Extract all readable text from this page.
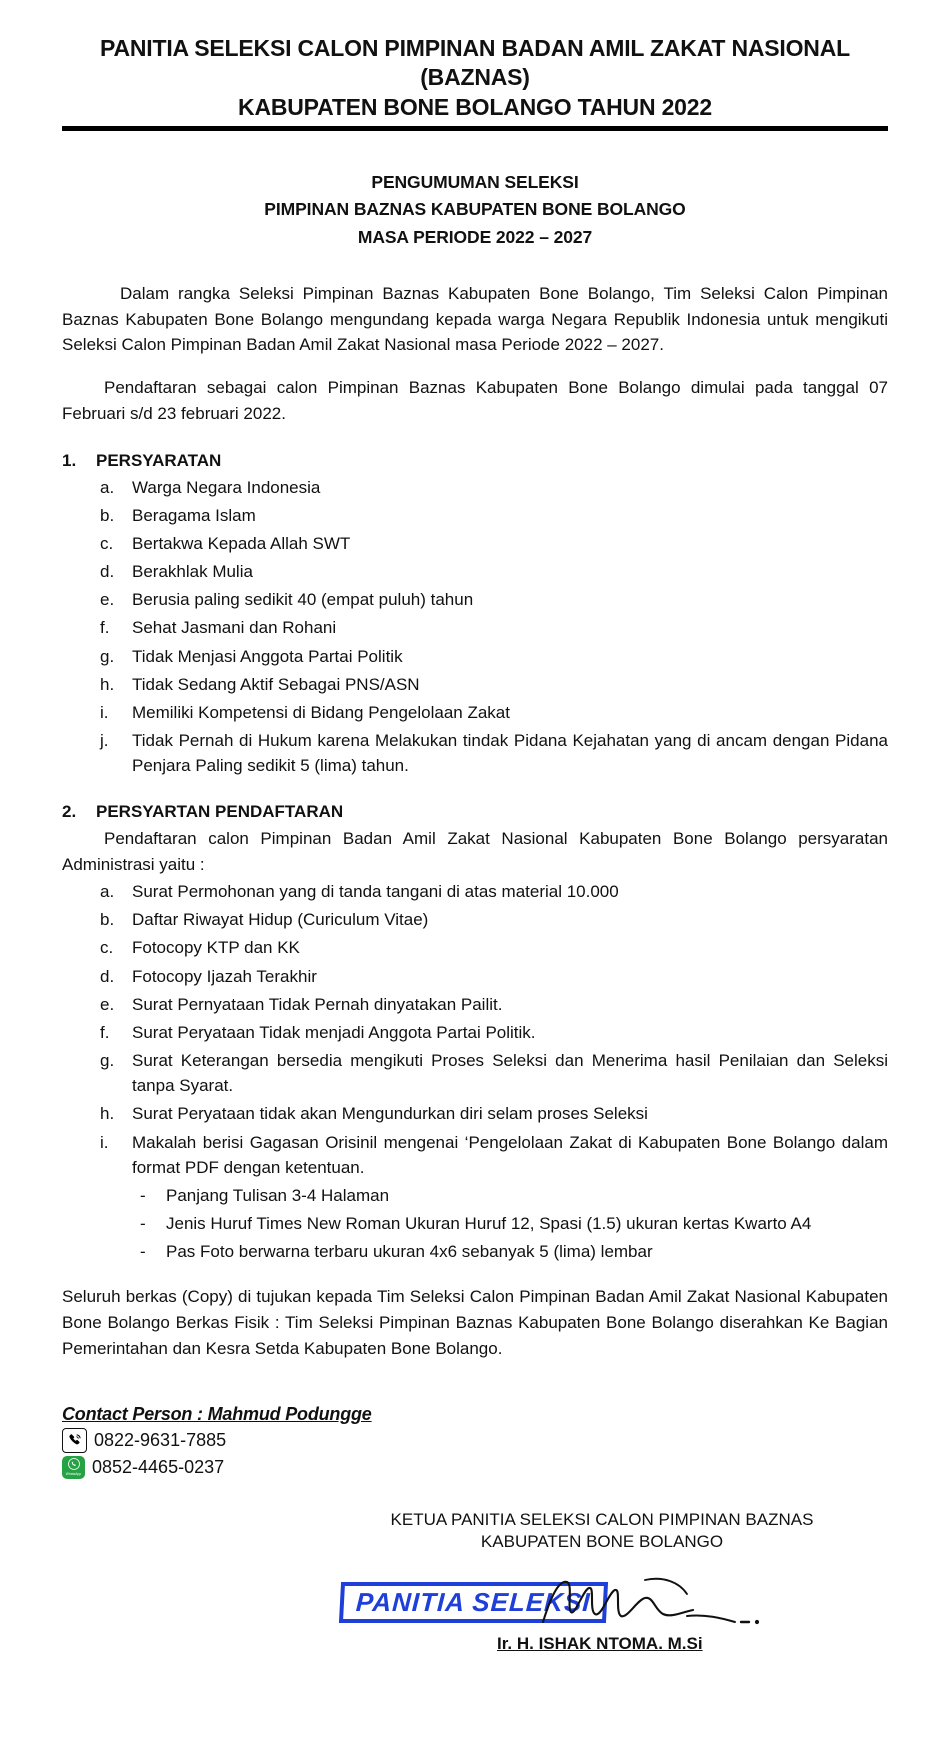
PANITIA SELEKSI CALON PIMPINAN BADAN AMIL ZAKAT NASIONAL
(BAZNAS)
KABUPATEN BONE BOLANGO TAHUN 2022
PENGUMUMAN SELEKSI
PIMPINAN BAZNAS KABUPATEN BONE BOLANGO
MASA PERIODE 2022 – 2027

Dalam rangka Seleksi Pimpinan Baznas Kabupaten Bone Bolango, Tim Seleksi Calon Pimpinan Baznas Kabupaten Bone Bolango mengundang kepada warga Negara Republik Indonesia untuk mengikuti Seleksi Calon Pimpinan Badan Amil Zakat Nasional masa Periode 2022 – 2027.

Pendaftaran sebagai calon Pimpinan Baznas Kabupaten Bone Bolango dimulai pada tanggal 07 Februari s/d 23 februari 2022.

1.	PERSYARATAN
a.	Warga Negara Indonesia
b.	Beragama Islam
c.	Bertakwa Kepada Allah SWT
d.	Berakhlak Mulia
e.	Berusia paling sedikit 40 (empat puluh) tahun
f.	Sehat Jasmani dan Rohani
g.	Tidak Menjasi Anggota Partai Politik
h.	Tidak Sedang Aktif Sebagai PNS/ASN
i.	Memiliki Kompetensi di Bidang Pengelolaan Zakat
j.	Tidak Pernah di Hukum karena Melakukan tindak Pidana Kejahatan yang di ancam dengan Pidana Penjara Paling sedikit 5 (lima) tahun.
2.	PERSYARTAN PENDAFTARAN

Pendaftaran calon Pimpinan Badan Amil Zakat Nasional Kabupaten Bone Bolango persyaratan Administrasi yaitu :

a.	Surat Permohonan yang di tanda tangani di atas material 10.000
b.	Daftar Riwayat Hidup (Curiculum Vitae)
c.	Fotocopy KTP dan KK
d.	Fotocopy Ijazah Terakhir
e.	Surat Pernyataan Tidak Pernah dinyatakan Pailit.
f.	Surat Peryataan Tidak menjadi Anggota Partai Politik.
g.	Surat Keterangan bersedia mengikuti Proses Seleksi dan Menerima hasil Penilaian dan Seleksi tanpa Syarat.
h.	Surat Peryataan tidak akan Mengundurkan diri selam proses Seleksi
i.	Makalah berisi Gagasan Orisinil mengenai ‘Pengelolaan Zakat di Kabupaten Bone Bolango dalam format PDF dengan ketentuan.
-	Panjang Tulisan 3-4 Halaman
-	Jenis Huruf Times New Roman Ukuran Huruf 12, Spasi (1.5) ukuran kertas Kwarto A4
-	Pas Foto berwarna terbaru ukuran 4x6 sebanyak 5 (lima) lembar

Seluruh berkas (Copy) di tujukan kepada Tim Seleksi Calon Pimpinan Badan Amil Zakat Nasional Kabupaten Bone Bolango Berkas Fisik : Tim Seleksi Pimpinan Baznas Kabupaten Bone Bolango diserahkan Ke Bagian Pemerintahan dan Kesra Setda Kabupaten Bone Bolango.

Contact Person : Mahmud Podungge
0822-9631-7885
WhatsApp 0852-4465-0237
KETUA PANITIA SELEKSI CALON PIMPINAN BAZNAS
KABUPATEN BONE BOLANGO
PANITIA SELEKSI
Ir. H. ISHAK NTOMA. M.Si
